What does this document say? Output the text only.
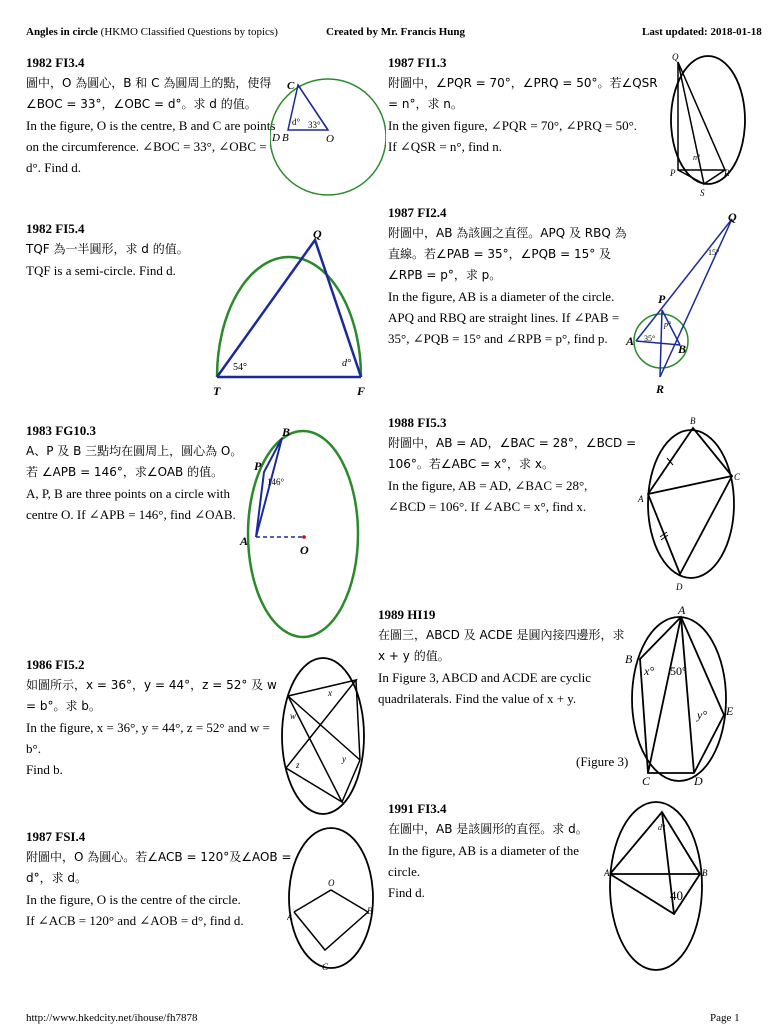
Angles in circle (HKMO Classified Questions by topics)	Created by Mr. Francis Hung	Last updated: 2018-01-18
1982 FI3.4
圖中，O 為圓心，B 和 C 為圓周上的點，使得 ∠BOC = 33°，∠OBC = d°。求 d 的值。
In the figure, O is the centre, B and C are points on the circumference. ∠BOC = 33°, ∠OBC = d°. Find d.
C
D B	O
d° 33°
1982 FI5.4
TQF 為一半圓形，求 d 的值。
TQF is a semi-circle. Find d.
Q
T	F
54°	d°
1983 FG10.3
A、P 及 B 三點均在圓周上，圓心為 O。若 ∠APB = 146°，求∠OAB 的值。
A, P, B are three points on a circle with centre O. If ∠APB = 146°, find ∠OAB.
B
P
A
O
146°
1986 FI5.2
如圖所示，x = 36°，y = 44°，z = 52° 及 w = b°。求 b。
In the figure, x = 36°, y = 44°, z = 52° and w = b°.
Find b.
x
w
z
y
1987 FSI.4
附圖中，O 為圓心。若∠ACB = 120°及∠AOB = d°，求 d。
In the figure, O is the centre of the circle.
If ∠ACB = 120° and ∠AOB = d°, find d.
O
A
B
C
1987 FI1.3
附圖中，∠PQR = 70°，∠PRQ = 50°。若∠QSR = n°，求 n。
In the given figure, ∠PQR = 70°, ∠PRQ = 50°.
If ∠QSR = n°, find n.
Q
P	R
S
n°
1987 FI2.4
附圖中，AB 為該圓之直徑。APQ 及 RBQ 為直線。若∠PAB = 35°，∠PQB = 15° 及∠RPB = p°，求 p。
In the figure, AB is a diameter of the circle. APQ and RBQ are straight lines. If ∠PAB = 35°, ∠PQB = 15° and ∠RPB = p°, find p.
Q
P
A
B
R
35°
15°
p°
1988 FI5.3
附圖中，AB = AD，∠BAC = 28°，∠BCD = 106°。若∠ABC = x°，求 x。
In the figure, AB = AD, ∠BAC = 28°,
∠BCD = 106°. If ∠ABC = x°, find x.
B
A
C
D
1989 HI19
在圖三，ABCD 及 ACDE 是圓內接四邊形，求 x + y 的值。
In Figure 3, ABCD and ACDE are cyclic quadrilaterals. Find the value of x + y.
(Figure 3)
A
B
C	D
E
x°
y°
50°
1991 FI3.4
在圖中，AB 是該圓形的直徑。求 d。
In the figure, AB is a diameter of the circle.
Find d.
A	B
d°
40
http://www.hkedcity.net/ihouse/fh7878	Page 1
